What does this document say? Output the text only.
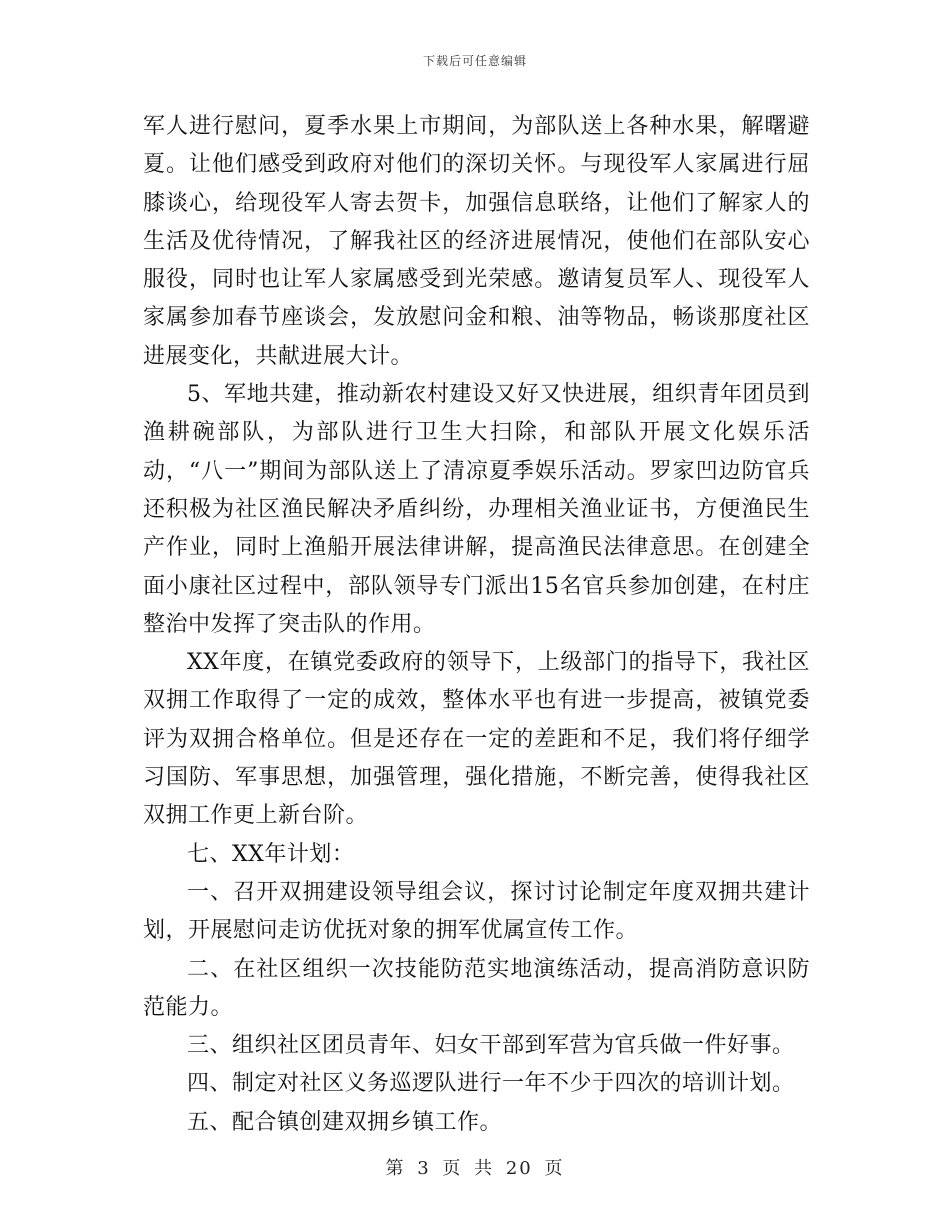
下载后可任意编辑

军人进行慰问，夏季水果上市期间，为部队送上各种水果，解曙避夏。让他们感受到政府对他们的深切关怀。与现役军人家属进行屈膝谈心，给现役军人寄去贺卡，加强信息联络，让他们了解家人的生活及优待情况，了解我社区的经济进展情况，使他们在部队安心服役，同时也让军人家属感受到光荣感。邀请复员军人、现役军人家属参加春节座谈会，发放慰问金和粮、油等物品，畅谈那度社区进展变化，共献进展大计。

5、军地共建，推动新农村建设又好又快进展，组织青年团员到渔耕碗部队，为部队进行卫生大扫除，和部队开展文化娱乐活动，“八一”期间为部队送上了清凉夏季娱乐活动。罗家凹边防官兵还积极为社区渔民解决矛盾纠纷，办理相关渔业证书，方便渔民生产作业，同时上渔船开展法律讲解，提高渔民法律意思。在创建全面小康社区过程中，部队领导专门派出15名官兵参加创建，在村庄整治中发挥了突击队的作用。

XX年度，在镇党委政府的领导下，上级部门的指导下，我社区双拥工作取得了一定的成效，整体水平也有进一步提高，被镇党委评为双拥合格单位。但是还存在一定的差距和不足，我们将仔细学习国防、军事思想，加强管理，强化措施，不断完善，使得我社区双拥工作更上新台阶。

七、XX年计划：

一、召开双拥建设领导组会议，探讨讨论制定年度双拥共建计划，开展慰问走访优抚对象的拥军优属宣传工作。

二、在社区组织一次技能防范实地演练活动，提高消防意识防范能力。

三、组织社区团员青年、妇女干部到军营为官兵做一件好事。

四、制定对社区义务巡逻队进行一年不少于四次的培训计划。

五、配合镇创建双拥乡镇工作。

第 3 页 共 20 页
